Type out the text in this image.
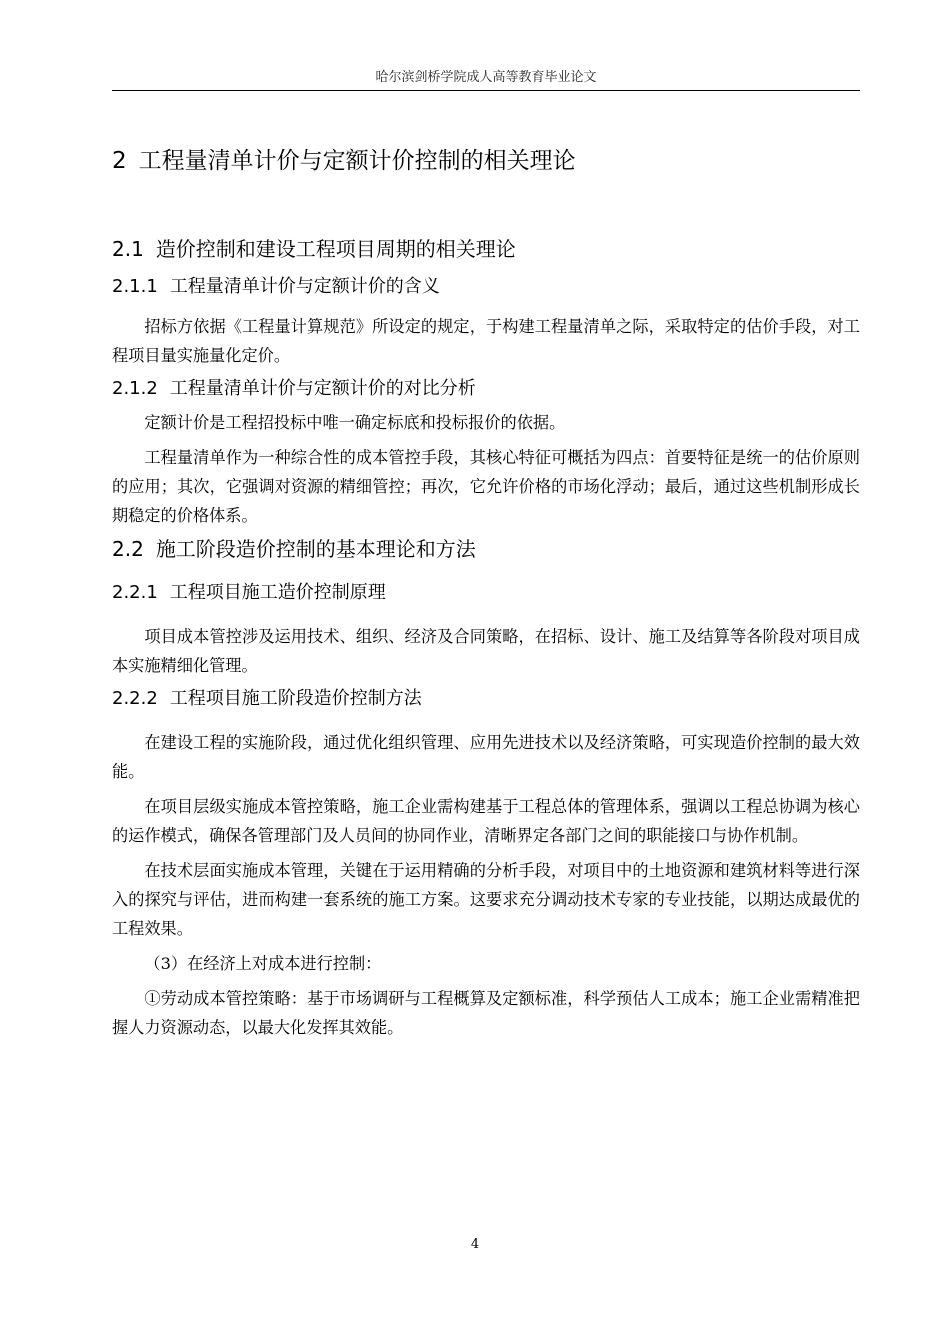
哈尔滨剑桥学院成人高等教育毕业论文
2 工程量清单计价与定额计价控制的相关理论
2.1 造价控制和建设工程项目周期的相关理论
2.1.1 工程量清单计价与定额计价的含义

招标方依据《工程量计算规范》所设定的规定，于构建工程量清单之际，采取特定的估价手段，对工程项目量实施量化定价。

2.1.2 工程量清单计价与定额计价的对比分析

定额计价是工程招投标中唯一确定标底和投标报价的依据。

工程量清单作为一种综合性的成本管控手段，其核心特征可概括为四点：首要特征是统一的估价原则的应用；其次，它强调对资源的精细管控；再次，它允许价格的市场化浮动；最后，通过这些机制形成长期稳定的价格体系。

2.2 施工阶段造价控制的基本理论和方法
2.2.1 工程项目施工造价控制原理

项目成本管控涉及运用技术、组织、经济及合同策略，在招标、设计、施工及结算等各阶段对项目成本实施精细化管理。

2.2.2 工程项目施工阶段造价控制方法

在建设工程的实施阶段，通过优化组织管理、应用先进技术以及经济策略，可实现造价控制的最大效能。

在项目层级实施成本管控策略，施工企业需构建基于工程总体的管理体系，强调以工程总协调为核心的运作模式，确保各管理部门及人员间的协同作业，清晰界定各部门之间的职能接口与协作机制。

在技术层面实施成本管理，关键在于运用精确的分析手段，对项目中的土地资源和建筑材料等进行深入的探究与评估，进而构建一套系统的施工方案。这要求充分调动技术专家的专业技能，以期达成最优的工程效果。

（3）在经济上对成本进行控制：

①劳动成本管控策略：基于市场调研与工程概算及定额标准，科学预估人工成本；施工企业需精准把握人力资源动态，以最大化发挥其效能。

4
